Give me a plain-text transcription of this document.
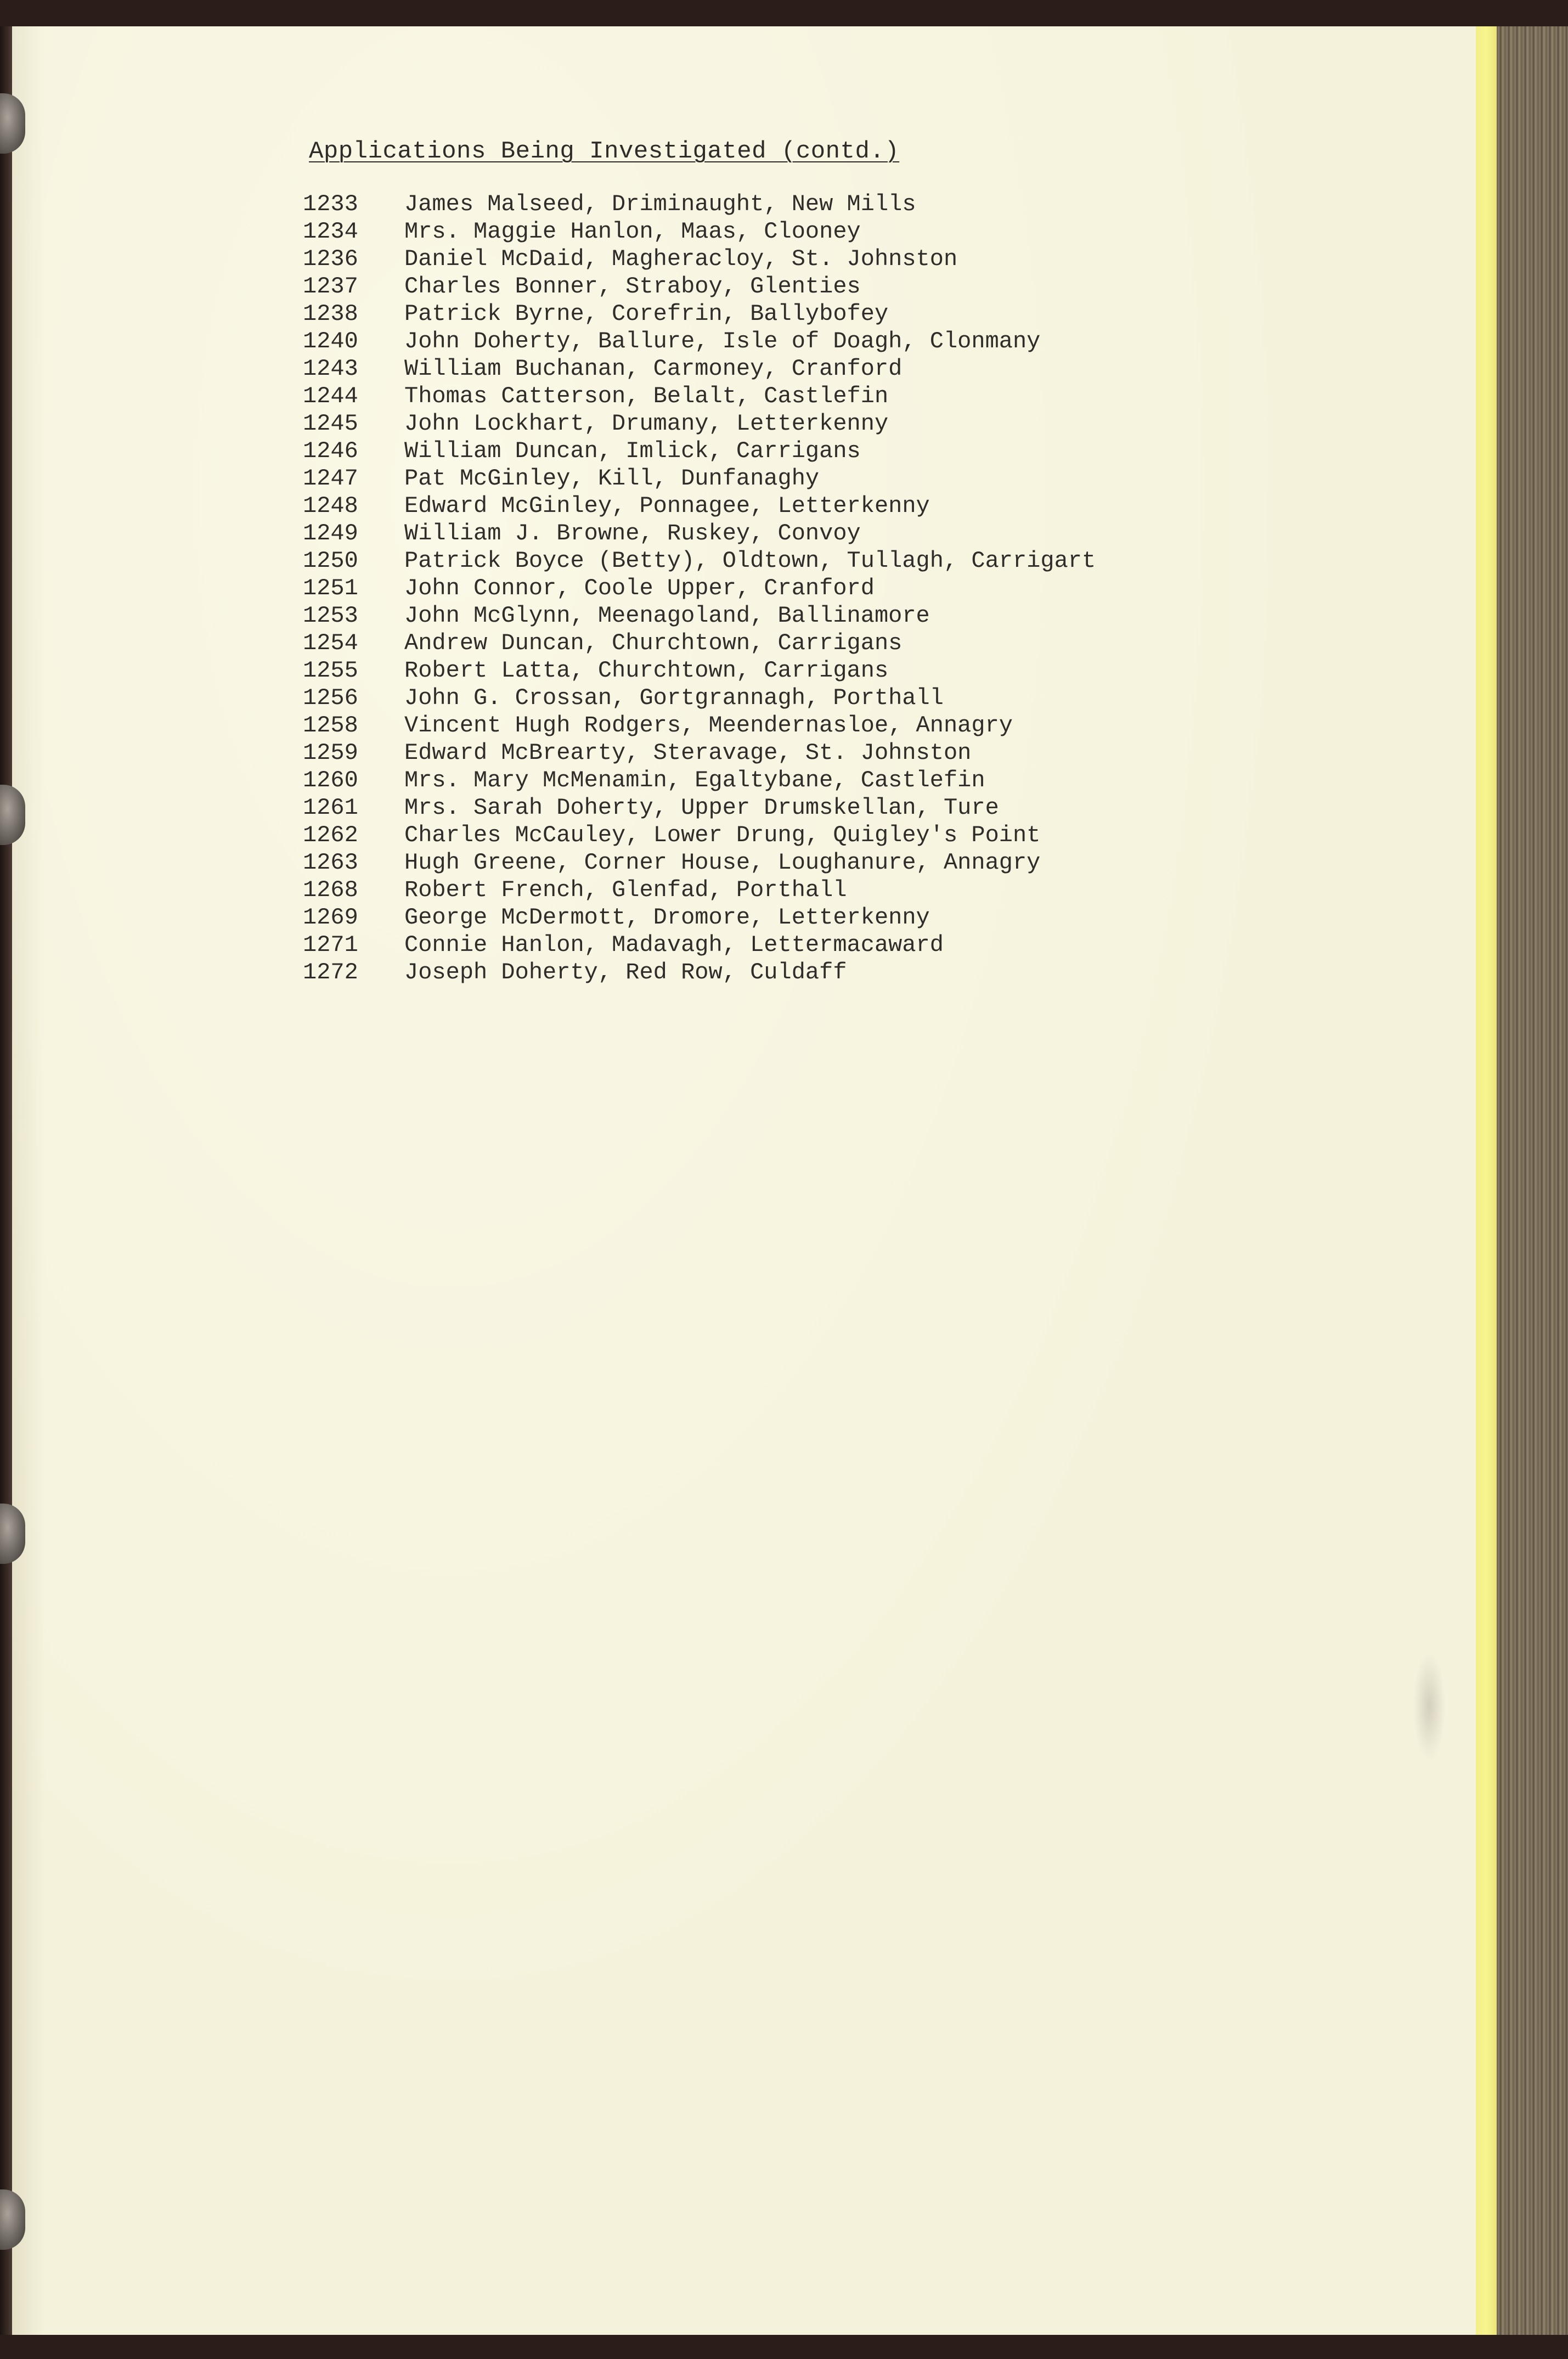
Applications Being Investigated (contd.)
1233	James Malseed, Driminaught, New Mills
1234	Mrs. Maggie Hanlon, Maas, Clooney
1236	Daniel McDaid, Magheracloy, St. Johnston
1237	Charles Bonner, Straboy, Glenties
1238	Patrick Byrne, Corefrin, Ballybofey
1240	John Doherty, Ballure, Isle of Doagh, Clonmany
1243	William Buchanan, Carmoney, Cranford
1244	Thomas Catterson, Belalt, Castlefin
1245	John Lockhart, Drumany, Letterkenny
1246	William Duncan, Imlick, Carrigans
1247	Pat McGinley, Kill, Dunfanaghy
1248	Edward McGinley, Ponnagee, Letterkenny
1249	William J. Browne, Ruskey, Convoy
1250	Patrick Boyce (Betty), Oldtown, Tullagh, Carrigart
1251	John Connor, Coole Upper, Cranford
1253	John McGlynn, Meenagoland, Ballinamore
1254	Andrew Duncan, Churchtown, Carrigans
1255	Robert Latta, Churchtown, Carrigans
1256	John G. Crossan, Gortgrannagh, Porthall
1258	Vincent Hugh Rodgers, Meendernasloe, Annagry
1259	Edward McBrearty, Steravage, St. Johnston
1260	Mrs. Mary McMenamin, Egaltybane, Castlefin
1261	Mrs. Sarah Doherty, Upper Drumskellan, Ture
1262	Charles McCauley, Lower Drung, Quigley's Point
1263	Hugh Greene, Corner House, Loughanure, Annagry
1268	Robert French, Glenfad, Porthall
1269	George McDermott, Dromore, Letterkenny
1271	Connie Hanlon, Madavagh, Lettermacaward
1272	Joseph Doherty, Red Row, Culdaff
